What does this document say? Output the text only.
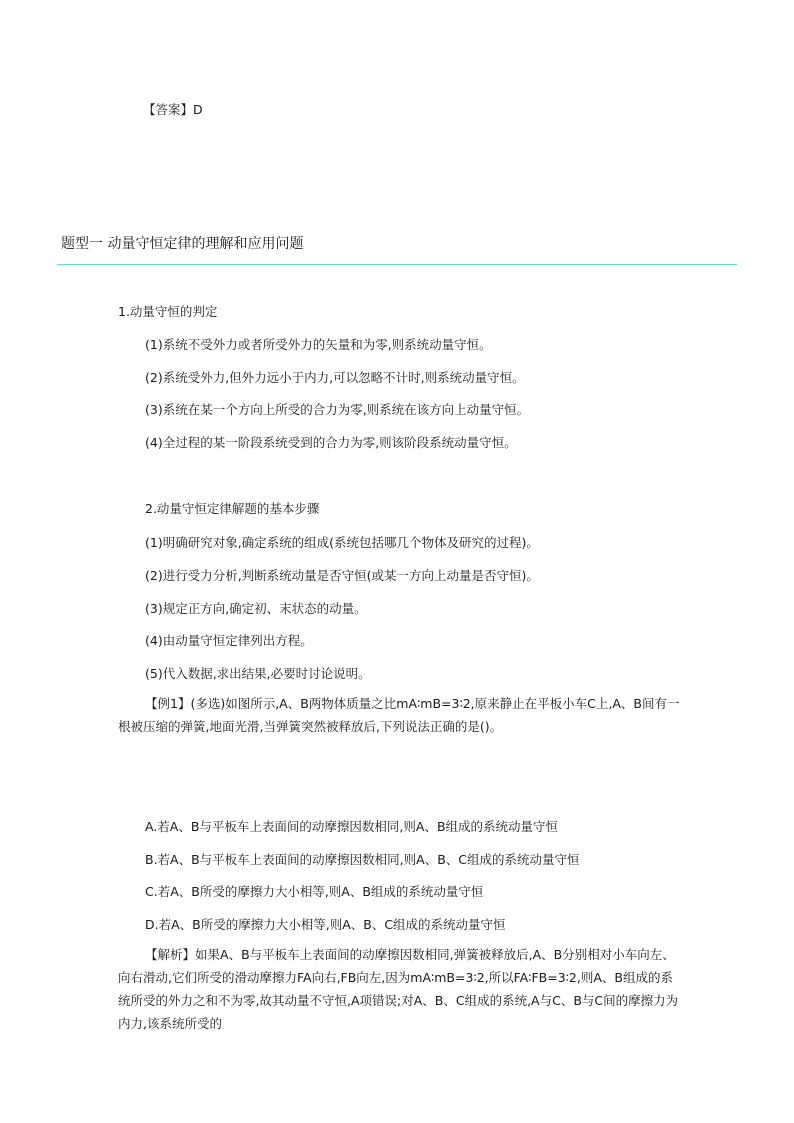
【答案】D
题型一 动量守恒定律的理解和应用问题
1.动量守恒的判定
(1)系统不受外力或者所受外力的矢量和为零,则系统动量守恒。
(2)系统受外力,但外力远小于内力,可以忽略不计时,则系统动量守恒。
(3)系统在某一个方向上所受的合力为零,则系统在该方向上动量守恒。
(4)全过程的某一阶段系统受到的合力为零,则该阶段系统动量守恒。
2.动量守恒定律解题的基本步骤
(1)明确研究对象,确定系统的组成(系统包括哪几个物体及研究的过程)。
(2)进行受力分析,判断系统动量是否守恒(或某一方向上动量是否守恒)。
(3)规定正方向,确定初、末状态的动量。
(4)由动量守恒定律列出方程。
(5)代入数据,求出结果,必要时讨论说明。
【例1】(多选)如图所示,A、B两物体质量之比mA∶mB=3∶2,原来静止在平板小车C上,A、B间有一根被压缩的弹簧,地面光滑,当弹簧突然被释放后,下列说法正确的是()。
A.若A、B与平板车上表面间的动摩擦因数相同,则A、B组成的系统动量守恒
B.若A、B与平板车上表面间的动摩擦因数相同,则A、B、C组成的系统动量守恒
C.若A、B所受的摩擦力大小相等,则A、B组成的系统动量守恒
D.若A、B所受的摩擦力大小相等,则A、B、C组成的系统动量守恒
【解析】如果A、B与平板车上表面间的动摩擦因数相同,弹簧被释放后,A、B分别相对小车向左、向右滑动,它们所受的滑动摩擦力FA向右,FB向左,因为mA∶mB=3∶2,所以FA∶FB=3∶2,则A、B组成的系统所受的外力之和不为零,故其动量不守恒,A项错误;对A、B、C组成的系统,A与C、B与C间的摩擦力为内力,该系统所受的
